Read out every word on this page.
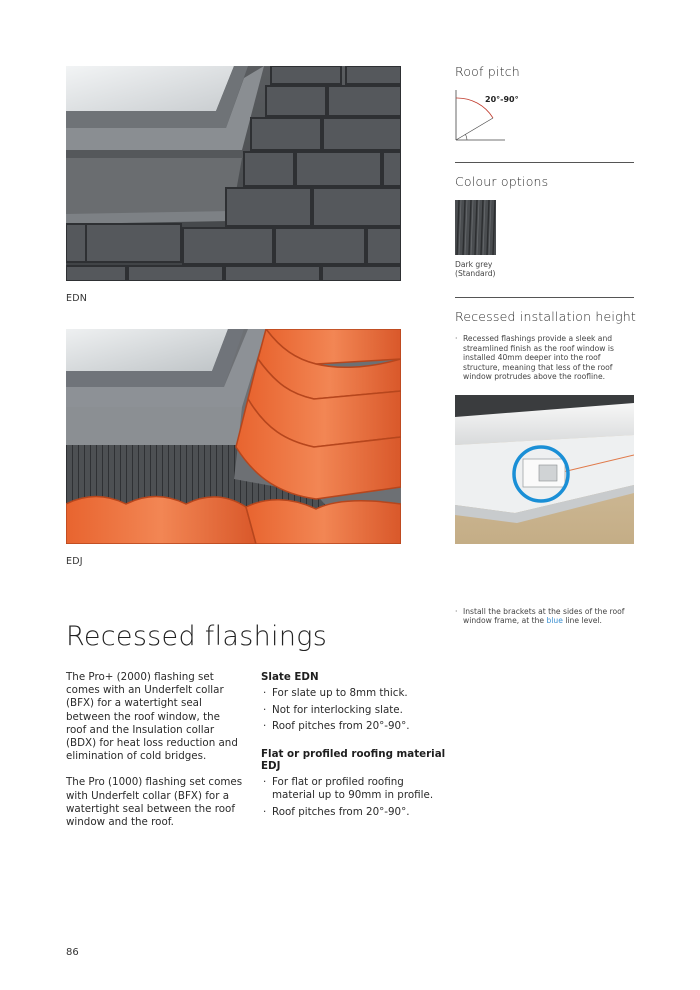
EDN
EDJ
Roof pitch
20°-90°
Colour options
Dark grey
(Standard)
Recessed installation height
· Recessed flashings provide a sleek and streamlined finish as the roof window is installed 40mm deeper into the roof structure, meaning that less of the roof window protrudes above the roofline.
· Install the brackets at the sides of the roof window frame, at the blue line level.
Recessed flashings

The Pro+ (2000) flashing set comes with an Underfelt collar (BFX) for a watertight seal between the roof window, the roof and the Insulation collar (BDX) for heat loss reduction and elimination of cold bridges.

The Pro (1000) flashing set comes with Underfelt collar (BFX) for a watertight seal between the roof window and the roof.

Slate EDN

· For slate up to 8mm thick.
· Not for interlocking slate.
· Roof pitches from 20°-90°.

Flat or profiled roofing material EDJ

· For flat or profiled roofing material up to 90mm in profile.
· Roof pitches from 20°-90°.
86
